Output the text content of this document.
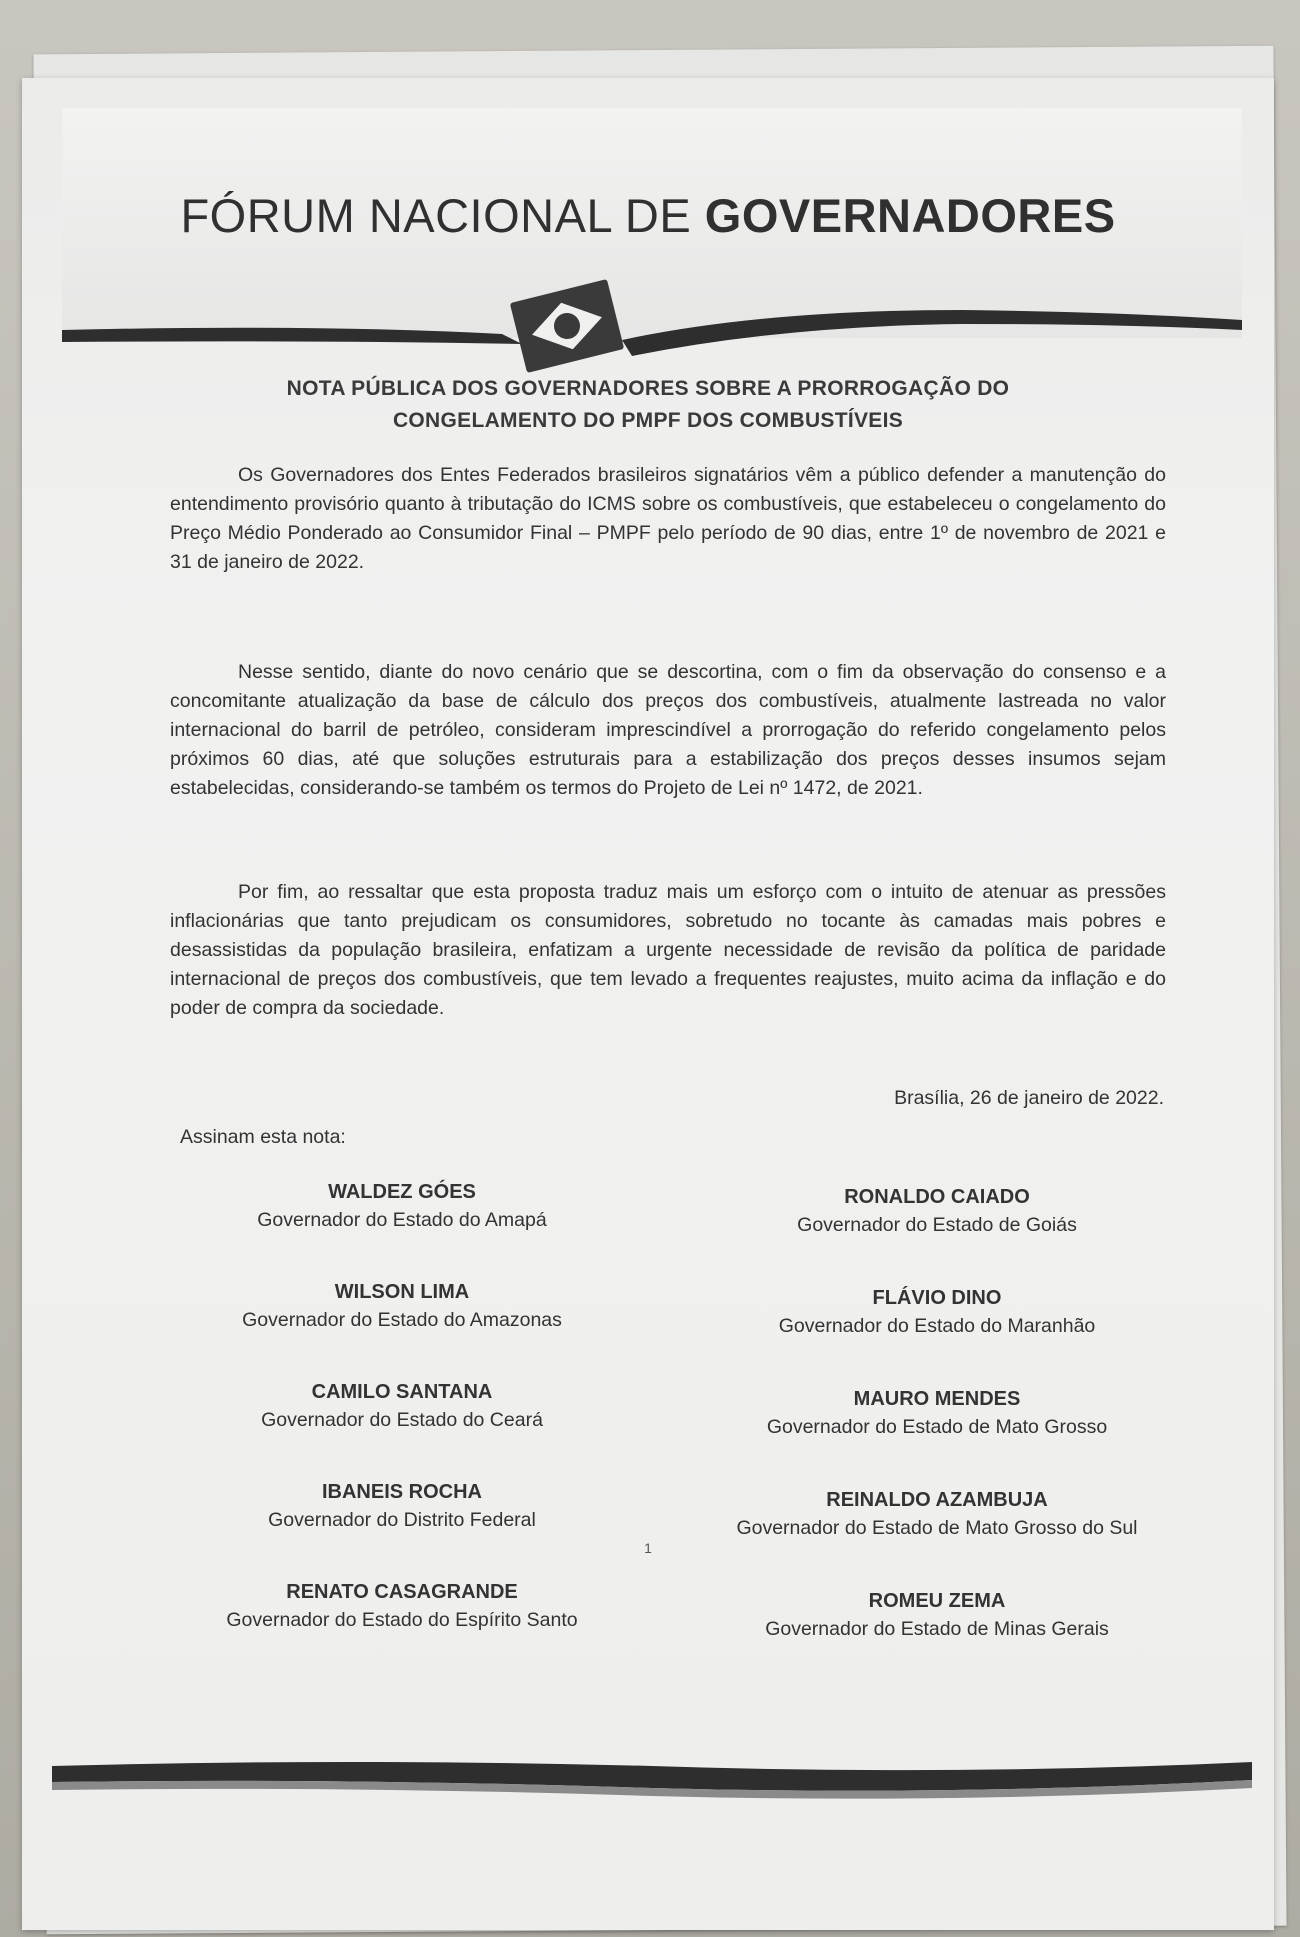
FÓRUM NACIONAL DE GOVERNADORES
NOTA PÚBLICA DOS GOVERNADORES SOBRE A PRORROGAÇÃO DO
CONGELAMENTO DO PMPF DOS COMBUSTÍVEIS

Os Governadores dos Entes Federados brasileiros signatários vêm a público defender a manutenção do entendimento provisório quanto à tributação do ICMS sobre os combustíveis, que estabeleceu o congelamento do Preço Médio Ponderado ao Consumidor Final – PMPF pelo período de 90 dias, entre 1º de novembro de 2021 e 31 de janeiro de 2022.

Nesse sentido, diante do novo cenário que se descortina, com o fim da observação do consenso e a concomitante atualização da base de cálculo dos preços dos combustíveis, atualmente lastreada no valor internacional do barril de petróleo, consideram imprescindível a prorrogação do referido congelamento pelos próximos 60 dias, até que soluções estruturais para a estabilização dos preços desses insumos sejam estabelecidas, considerando-se também os termos do Projeto de Lei nº 1472, de 2021.

Por fim, ao ressaltar que esta proposta traduz mais um esforço com o intuito de atenuar as pressões inflacionárias que tanto prejudicam os consumidores, sobretudo no tocante às camadas mais pobres e desassistidas da população brasileira, enfatizam a urgente necessidade de revisão da política de paridade internacional de preços dos combustíveis, que tem levado a frequentes reajustes, muito acima da inflação e do poder de compra da sociedade.

Brasília, 26 de janeiro de 2022.
Assinam esta nota:
WALDEZ GÓES
Governador do Estado do Amapá
WILSON LIMA
Governador do Estado do Amazonas
CAMILO SANTANA
Governador do Estado do Ceará
IBANEIS ROCHA
Governador do Distrito Federal
RENATO CASAGRANDE
Governador do Estado do Espírito Santo
RONALDO CAIADO
Governador do Estado de Goiás
FLÁVIO DINO
Governador do Estado do Maranhão
MAURO MENDES
Governador do Estado de Mato Grosso
REINALDO AZAMBUJA
Governador do Estado de Mato Grosso do Sul
ROMEU ZEMA
Governador do Estado de Minas Gerais
1
